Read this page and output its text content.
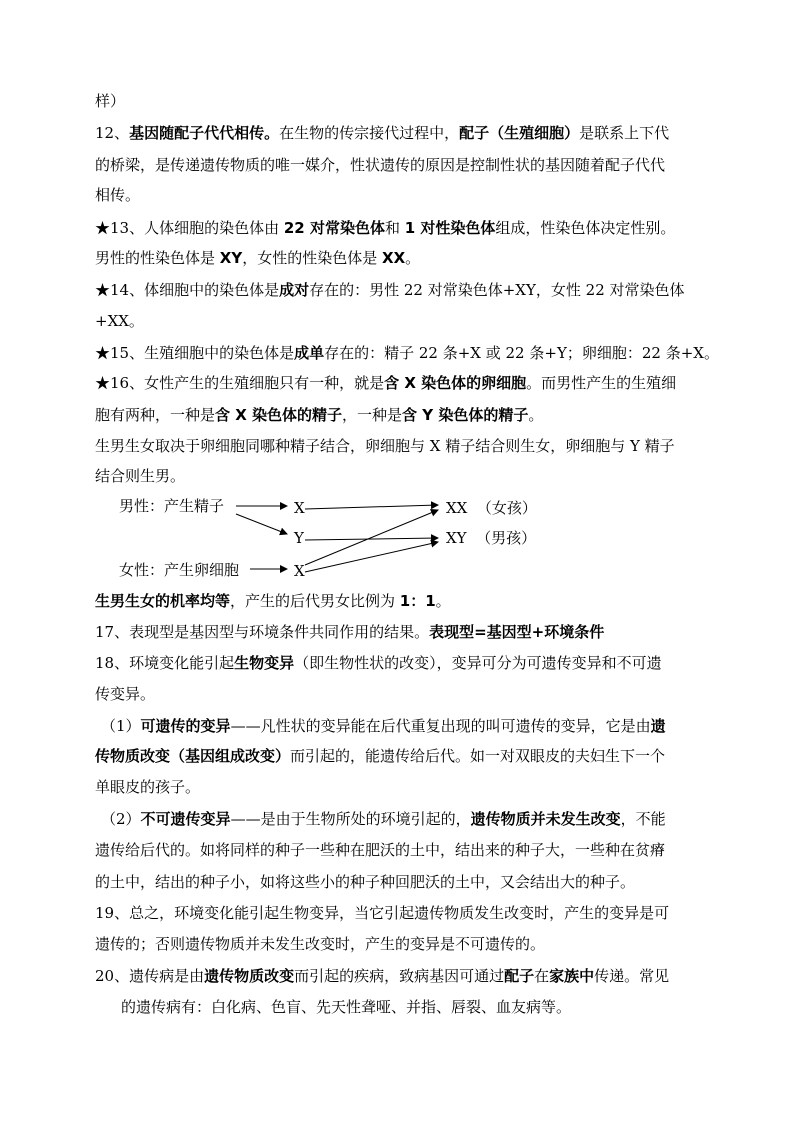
样）
12、基因随配子代代相传。在生物的传宗接代过程中，配子（生殖细胞）是联系上下代
的桥梁，是传递遗传物质的唯一媒介，性状遗传的原因是控制性状的基因随着配子代代
相传。
★13、人体细胞的染色体由 22 对常染色体和 1 对性染色体组成，性染色体决定性别。
男性的性染色体是 XY，女性的性染色体是 XX。
★14、体细胞中的染色体是成对存在的：男性 22 对常染色体+XY，女性 22 对常染色体
+XX。
★15、生殖细胞中的染色体是成单存在的：精子 22 条+X 或 22 条+Y；卵细胞：22 条+X。
★16、女性产生的生殖细胞只有一种，就是含 X 染色体的卵细胞。而男性产生的生殖细
胞有两种，一种是含 X 染色体的精子，一种是含 Y 染色体的精子。
生男生女取决于卵细胞同哪种精子结合，卵细胞与 X 精子结合则生女，卵细胞与 Y 精子
结合则生男。
男性：产生精子	X
Y
女性：产生卵细胞	X
XX （女孩）
XY （男孩）
生男生女的机率均等，产生的后代男女比例为 1：1。
17、表现型是基因型与环境条件共同作用的结果。表现型=基因型+环境条件
18、环境变化能引起生物变异（即生物性状的改变），变异可分为可遗传变异和不可遗
传变异。
（1）可遗传的变异——凡性状的变异能在后代重复出现的叫可遗传的变异，它是由遗
传物质改变（基因组成改变）而引起的，能遗传给后代。如一对双眼皮的夫妇生下一个
单眼皮的孩子。
（2）不可遗传变异——是由于生物所处的环境引起的，遗传物质并未发生改变，不能
遗传给后代的。如将同样的种子一些种在肥沃的土中，结出来的种子大，一些种在贫瘠
的土中，结出的种子小，如将这些小的种子种回肥沃的土中，又会结出大的种子。
19、总之，环境变化能引起生物变异，当它引起遗传物质发生改变时，产生的变异是可
遗传的；否则遗传物质并未发生改变时，产生的变异是不可遗传的。
20、遗传病是由遗传物质改变而引起的疾病，致病基因可通过配子在家族中传递。常见
的遗传病有：白化病、色盲、先天性聋哑、并指、唇裂、血友病等。
